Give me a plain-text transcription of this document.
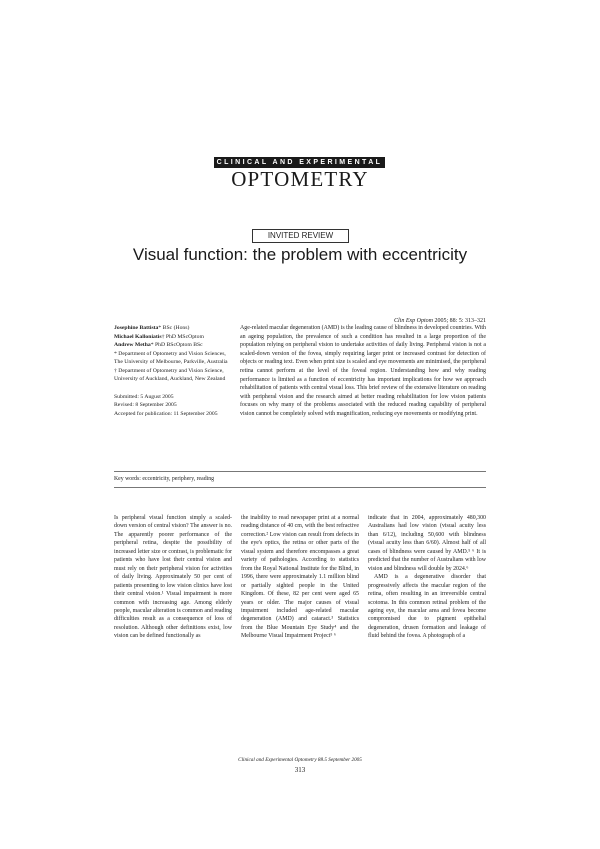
CLINICAL AND EXPERIMENTAL
OPTOMETRY
INVITED REVIEW
Visual function: the problem with eccentricity
Clin Exp Optom 2005; 88: 5: 313–321

Josephine Battista* BSc (Hons)

Michael Kalloniatis† PhD MScOptom

Andrew Metha* PhD BScOptom BSc

* Department of Optometry and Vision Sciences, The University of Melbourne, Parkville, Australia

† Department of Optometry and Vision Science, University of Auckland, Auckland, New Zealand

Submitted: 5 August 2005

Revised: 8 September 2005

Accepted for publication: 11 September 2005

Age-related macular degeneration (AMD) is the leading cause of blindness in developed countries. With an ageing population, the prevalence of such a condition has resulted in a large proportion of the population relying on peripheral vision to undertake activities of daily living. Peripheral vision is not a scaled-down version of the fovea, simply requiring larger print or increased contrast for detection of objects or reading text. Even when print size is scaled and eye movements are minimised, the peripheral retina cannot perform at the level of the foveal region. Understanding how and why reading performance is limited as a function of eccentricity has important implications for how we approach rehabilitation of patients with central visual loss. This brief review of the extensive literature on reading with peripheral vision and the research aimed at better reading rehabilitation for low vision patients focuses on why many of the problems associated with the reduced reading capability of peripheral vision cannot be completely solved with magnification, reducing eye movements or modifying print.
Key words: eccentricity, periphery, reading

Is peripheral visual function simply a scaled-down version of central vision? The answer is no. The apparently poorer performance of the peripheral retina, despite the possibility of increased letter size or contrast, is problematic for patients who have lost their central vision and must rely on their peripheral vision for activities of daily living. Approximately 50 per cent of patients presenting to low vision clinics have lost their central vision.¹ Visual impairment is more common with increasing age. Among elderly people, macular alteration is common and reading difficulties result as a consequence of loss of resolution. Although other definitions exist, low vision can be defined functionally as

the inability to read newspaper print at a normal reading distance of 40 cm, with the best refractive correction.² Low vision can result from defects in the eye's optics, the retina or other parts of the visual system and therefore encompasses a great variety of pathologies. According to statistics from the Royal National Institute for the Blind, in 1996, there were approximately 1.1 million blind or partially sighted people in the United Kingdom. Of these, 82 per cent were aged 65 years or older. The major causes of visual impairment included age-related macular degeneration (AMD) and cataract.³ Statistics from the Blue Mountain Eye Study⁴ and the Melbourne Visual Impairment Project⁵ ⁶

indicate that in 2004, approximately 480,300 Australians had low vision (visual acuity less than 6/12), including 50,600 with blindness (visual acuity less than 6/60). Almost half of all cases of blindness were caused by AMD.⁵ ⁶ It is predicted that the number of Australians with low vision and blindness will double by 2024.⁶

AMD is a degenerative disorder that progressively affects the macular region of the retina, often resulting in an irreversible central scotoma. In this common retinal problem of the ageing eye, the macular area and fovea become compromised due to pigment epithelial degeneration, drusen formation and leakage of fluid behind the fovea. A photograph of a

Clinical and Experimental Optometry 88.5 September 2005
313
